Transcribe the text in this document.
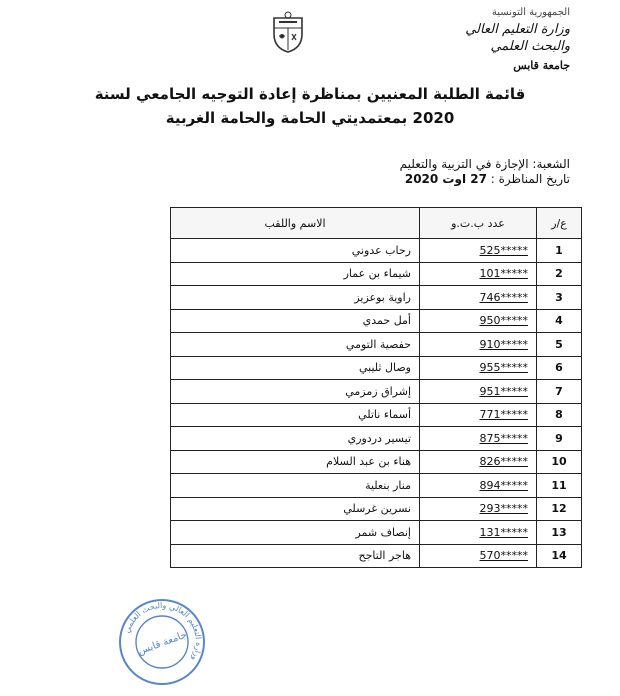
الجمهورية التونسية
وزارة التعليم العالي
والبحث العلمي
جامعة قابس
قائمة الطلبة المعنيين بمناظرة إعادة التوجيه الجامعي لسنة
2020 بمعتمديتي الحامة والحامة الغربية
الشعبة: الإجازة في التربية والتعليم
تاريخ المناظرة : 27 اوت 2020
ع/ر	عدد ب.ت.و	الاسم واللقب
1	525*****	رحاب عدوني
2	101*****	شيماء بن عمار
3	746*****	راوية بوعزيز
4	950*****	أمل حمدي
5	910*****	حفصية التومي
6	955*****	وصال ثليبي
7	951*****	إشراق زمزمي
8	771*****	أسماء ناتلي
9	875*****	تيسير دردوري
10	826*****	هناء بن عبد السلام
11	894*****	منار بنعلية
12	293*****	نسرين غرسلي
13	131*****	إنصاف شمر
14	570*****	هاجر التاجح
وزارة التعليم العالي والبحث العلمي
جامعة قابس
